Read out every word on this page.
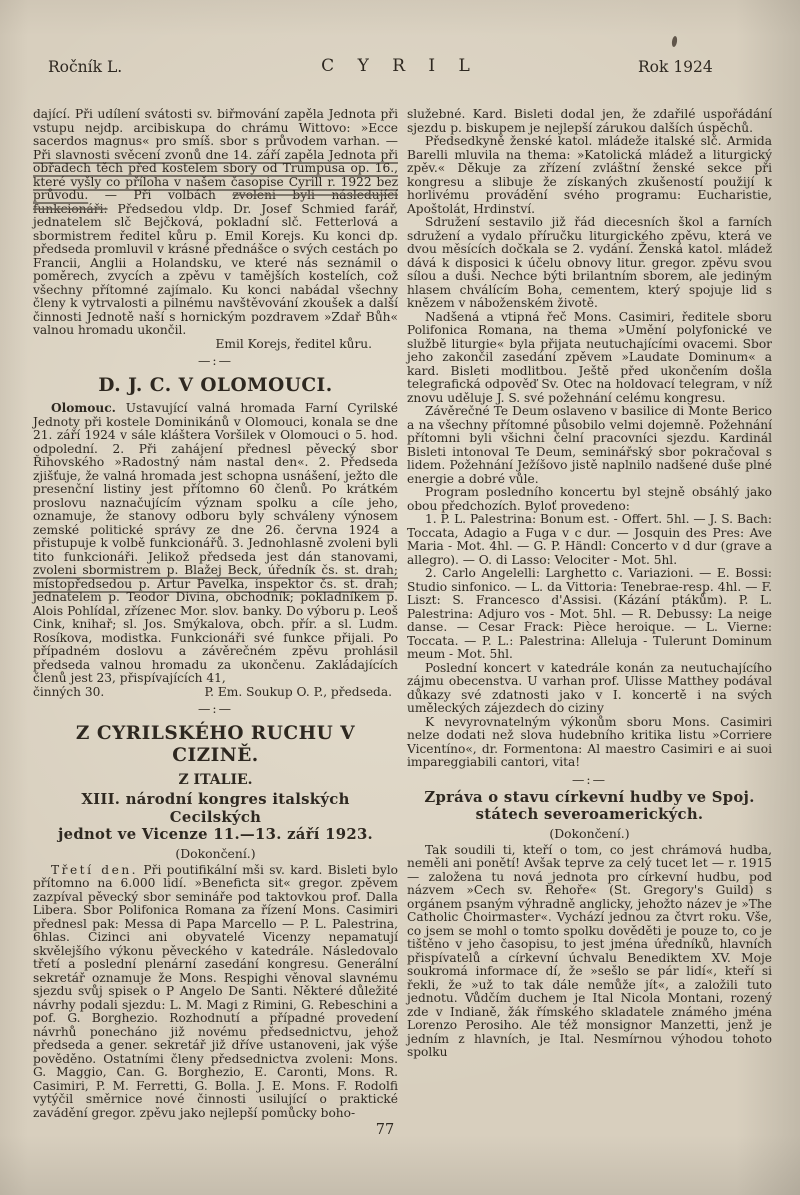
Ročník L.	C Y R I L	Rok 1924

dající. Při udílení svátosti sv. biřmování zapěla Jednota při vstupu nejdp. arcibiskupa do chrámu Wittovo: »Ecce sacerdos magnus« pro smíš. sbor s průvodem varhan. — Při slavnosti svěcení zvonů dne 14. září zapěla Jednota při obřadech těch před kostelem sbory od Trumpusa op. 16., které vyšly co příloha v našem časopise Cyrill r. 1922 bez průvodu. — Při volbách zvoleni byli následující funkcionáři: Předsedou vldp. Dr. Josef Schmied farář, jednatelem slč Bejčková, pokladní slč. Fetterlová a sbormistrem ředitel kůru p. Emil Korejs. Ku konci dp. předseda promluvil v krásné přednášce o svých cestách po Francii, Anglii a Holandsku, ve které nás seznámil o poměrech, zvycích a zpěvu v tamějších kostelích, což všechny přítomné zajímalo. Ku konci nabádal všechny členy k vytrvalosti a pilnému navštěvování zkoušek a další činnosti Jednotě naší s hornickým pozdravem »Zdař Bůh« valnou hromadu ukončil.

Emil Korejs, ředitel kůru.
—:—
D. J. C. V OLOMOUCI.

Olomouc. Ustavující valná hromada Farní Cyrilské Jednoty při kostele Dominikánů v Olomouci, konala se dne 21. září 1924 v sále kláštera Voršilek v Olomouci o 5. hod. odpolední. 2. Při zahájení přednesl pěvecký sbor Řihovského »Radostný nám nastal den«. 2. Předseda zjišťuje, že valná hromada jest schopna usnášení, ježto dle presenční listiny jest přítomno 60 členů. Po krátkém proslovu naznačujícím význam spolku a cíle jeho, oznamuje, že stanovy odboru byly schváleny výnosem zemské politické správy ze dne 26. června 1924 a přistupuje k volbě funkcionářů. 3. Jednohlasně zvoleni byli tito funkcionáři. Jelikož předseda jest dán stanovami, zvoleni sbormistrem p. Blažej Beck, úředník čs. st. drah; místopředsedou p. Artur Pavelka, inspektor čs. st. drah; jednatelem p. Teodor Divina, obchodník; pokladníkem p. Alois Pohlídal, zřízenec Mor. slov. banky. Do výboru p. Leoš Cink, knihař; sl. Jos. Smýkalova, obch. přír. a sl. Ludm. Rosíkova, modistka. Funkcionáři své funkce přijali. Po případném doslovu a závěrečném zpěvu prohlásil předseda valnou hromadu za ukončenu. Zakládajících členů jest 23, přispívajících 41,

činných 30.	P. Em. Soukup O. P., předseda.
—:—
Z CYRILSKÉHO RUCHU V CIZINĚ.
Z ITALIE.
XIII. národní kongres italských Cecilských
jednot ve Vicenze 11.—13. září 1923.
(Dokončení.)

Třetí den. Při poutifikální mši sv. kard. Bisleti bylo přítomno na 6.000 lidí. »Beneficta sit« gregor. zpěvem zazpíval pěvecký sbor semináře pod taktovkou prof. Dalla Libera. Sbor Polifonica Romana za řízení Mons. Casimiri přednesl pak: Messa di Papa Marcello — P. L. Palestrina, 6hlas. Cizinci ani obyvatelé Vicenzy nepamatují skvělejšího výkonu pěveckého v katedrále. Následovalo třetí a poslední plenární zasedání kongresu. Generální sekretář oznamuje že Mons. Respighi věnoval slavnému sjezdu svůj spisek o P Angelo De Santi. Některé důležité návrhy podali sjezdu: L. M. Magi z Rimini, G. Rebeschini a pof. G. Borghezio. Rozhodnutí a případné provedení návrhů ponecháno již novému předsednictvu, jehož předseda a gener. sekretář již dříve ustanoveni, jak výše pověděno. Ostatními členy předsednictva zvoleni: Mons. G. Maggio, Can. G. Borghezio, E. Caronti, Mons. R. Casimiri, P. M. Ferretti, G. Bolla. J. E. Mons. F. Rodolfi vytýčil směrnice nové činnosti usilující o praktické zavádění gregor. zpěvu jako nejlepší pomůcky boho-

služebné. Kard. Bisleti dodal jen, že zdařilé uspořádání sjezdu p. biskupem je nejlepší zárukou dalších úspěchů.

Předsedkyně ženské katol. mládeže italské slč. Armida Barelli mluvila na thema: »Katolická mládež a liturgický zpěv.« Děkuje za zřízení zvláštní ženské sekce při kongresu a slibuje že získaných zkušeností použijí k horlivému provádění svého programu: Eucharistie, Apoštolát, Hrdinství.

Sdružení sestavilo již řád diecesních škol a farních sdružení a vydalo příručku liturgického zpěvu, která ve dvou měsících dočkala se 2. vydání. Ženská katol. mládež dává k disposici k účelu obnovy litur. gregor. zpěvu svou sílou a duši. Nechce býti brilantním sborem, ale jediným hlasem chválícím Boha, cementem, který spojuje lid s knězem v náboženském životě.

Nadšená a vtipná řeč Mons. Casimiri, ředitele sboru Polifonica Romana, na thema »Umění polyfonické ve službě liturgie« byla přijata neutuchajícími ovacemi. Sbor jeho zakončil zasedání zpěvem »Laudate Dominum« a kard. Bisleti modlitbou. Ještě před ukončením došla telegrafická odpověď Sv. Otec na holdovací telegram, v níž znovu uděluje J. S. své požehnání celému kongresu.

Závěrečné Te Deum oslaveno v basilice di Monte Berico a na všechny přítomné působilo velmi dojemně. Požehnání přítomni byli všichni čelní pracovníci sjezdu. Kardinál Bisleti intonoval Te Deum, seminářský sbor pokračoval s lidem. Požehnání Ježíšovo jistě naplnilo nadšené duše plné energie a dobré vůle.

Program posledního koncertu byl stejně obsáhlý jako obou předchozích. Byloť provedeno:

1. P. L. Palestrina: Bonum est. - Offert. 5hl. — J. S. Bach: Toccata, Adagio a Fuga v c dur. — Josquin des Pres: Ave Maria - Mot. 4hl. — G. P. Händl: Concerto v d dur (grave a allegro). — O. di Lasso: Velociter - Mot. 5hl.

2. Carlo Angelelli: Larghetto c. Variazioni. — E. Bossi: Studio sinfonico. — L. da Vittoria: Tenebrae-resp. 4hl. — F. Liszt: S. Francesco d'Assisi. (Kázání ptákům). P. L. Palestrina: Adjuro vos - Mot. 5hl. — R. Debussy: La neige danse. — Cesar Frack: Pièce heroique. — L. Vierne: Toccata. — P. L.: Palestrina: Alleluja - Tulerunt Dominum meum - Mot. 5hl.

Poslední koncert v katedrále konán za neutuchajícího zájmu obecenstva. U varhan prof. Ulisse Matthey podával důkazy své zdatnosti jako v I. koncertě i na svých uměleckých zájezdech do ciziny

K nevyrovnatelným výkonům sboru Mons. Casimiri nelze dodati než slova hudebního kritika listu »Corriere Vicentíno«, dr. Formentona: Al maestro Casimiri e ai suoi impareggiabili cantori, vita!

—:—
Zpráva o stavu církevní hudby ve Spoj.
státech severoamerických.
(Dokončení.)

Tak soudili ti, kteří o tom, co jest chrámová hudba, neměli ani ponětí! Avšak teprve za celý tucet let — r. 1915 — založena tu nová jednota pro církevní hudbu, pod názvem »Cech sv. Řehoře« (St. Gregory's Guild) s orgánem psaným výhradně anglicky, jehožto název je »The Catholic Choirmaster«. Vychází jednou za čtvrt roku. Vše, co jsem se mohl o tomto spolku dověděti je pouze to, co je tištěno v jeho časopisu, to jest jména úředníků, hlavních přispívatelů a církevní úchvalu Benediktem XV. Moje soukromá informace dí, že »sešlo se pár lidí«, kteří si řekli, že »už to tak dále nemůže jít«, a založili tuto jednotu. Vůdčím duchem je Ital Nicola Montani, rozený zde v Indianě, žák římského skladatele známého jména Lorenzo Perosiho. Ale též monsignor Manzetti, jenž je jedním z hlavních, je Ital. Nesmírnou výhodou tohoto spolku

77
